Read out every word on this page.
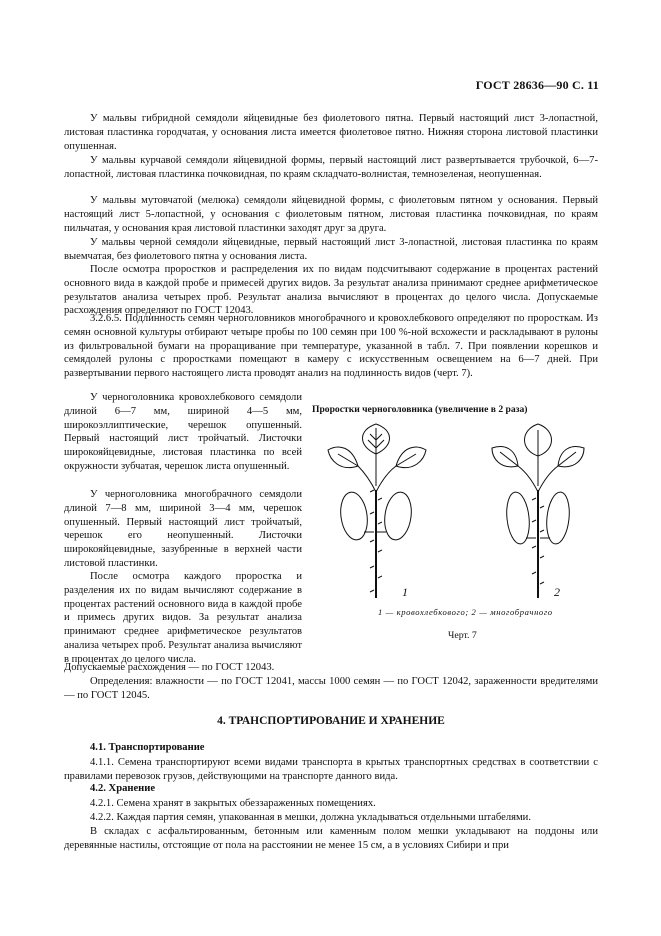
ГОСТ 28636—90 С. 11

У мальвы гибридной семядоли яйцевидные без фиолетового пятна. Первый настоящий лист 3-лопастной, листовая пластинка городчатая, у основания листа имеется фиолетовое пятно. Нижняя сторона листовой пластинки опушенная.

У мальвы курчавой семядоли яйцевидной формы, первый настоящий лист развертывается трубочкой, 6—7-лопастной, листовая пластинка почковидная, по краям складчато-волнистая, темнозеленая, неопушенная.

У мальвы мутовчатой (мелюка) семядоли яйцевидной формы, с фиолетовым пятном у основания. Первый настоящий лист 5-лопастной, у основания с фиолетовым пятном, листовая пластинка почковидная, по краям пильчатая, у основания края листовой пластинки заходят друг за друга.

У мальвы черной семядоли яйцевидные, первый настоящий лист 3-лопастной, листовая пластинка по краям выемчатая, без фиолетового пятна у основания листа.

После осмотра проростков и распределения их по видам подсчитывают содержание в процентах растений основного вида в каждой пробе и примесей других видов. За результат анализа принимают среднее арифметическое результатов анализа четырех проб. Результат анализа вычисляют в процентах до целого числа. Допускаемые расхождения определяют по ГОСТ 12043.

3.2.6.5. Подлинность семян черноголовников многобрачного и кровохлебкового определяют по проросткам. Из семян основной культуры отбирают четыре пробы по 100 семян при 100 %-ной всхожести и раскладывают в рулоны из фильтровальной бумаги на проращивание при температуре, указанной в табл. 7. При появлении корешков и семядолей рулоны с проростками помещают в камеру с искусственным освещением на 6—7 дней. При развертывании первого настоящего листа проводят анализ на подлинность видов (черт. 7).

У черноголовника кровохлебкового семядоли длиной 6—7 мм, шириной 4—5 мм, широкоэллиптические, черешок опушенный. Первый настоящий лист тройчатый. Листочки широкояйцевидные, листовая пластинка по всей окружности зубчатая, черешок листа опушенный.

У черноголовника многобрачного семядоли длиной 7—8 мм, шириной 3—4 мм, черешок опушенный. Первый настоящий лист тройчатый, черешок его неопушенный. Листочки широкояйцевидные, зазубренные в верхней части листовой пластинки.

После осмотра каждого проростка и разделения их по видам вычисляют содержание в процентах растений основного вида в каждой пробе и примесь других видов. За результат анализа принимают среднее арифметическое результатов анализа четырех проб. Результат анализа вычисляют в процентах до целого числа.

Допускаемые расхождения — по ГОСТ 12043.

Определения: влажности — по ГОСТ 12041, массы 1000 семян — по ГОСТ 12042, зараженности вредителями — по ГОСТ 12045.

Проростки черноголовника (увеличение в 2 раза)
1	2
1 — кровохлебкового; 2 — многобрачного
Черт. 7
4. ТРАНСПОРТИРОВАНИЕ И ХРАНЕНИЕ
4.1. Транспортирование

4.1.1. Семена транспортируют всеми видами транспорта в крытых транспортных средствах в соответствии с правилами перевозок грузов, действующими на транспорте данного вида.

4.2. Хранение

4.2.1. Семена хранят в закрытых обеззараженных помещениях.

4.2.2. Каждая партия семян, упакованная в мешки, должна укладываться отдельными штабелями.

В складах с асфальтированным, бетонным или каменным полом мешки укладывают на поддоны или деревянные настилы, отстоящие от пола на расстоянии не менее 15 см, а в условиях Сибири и при
